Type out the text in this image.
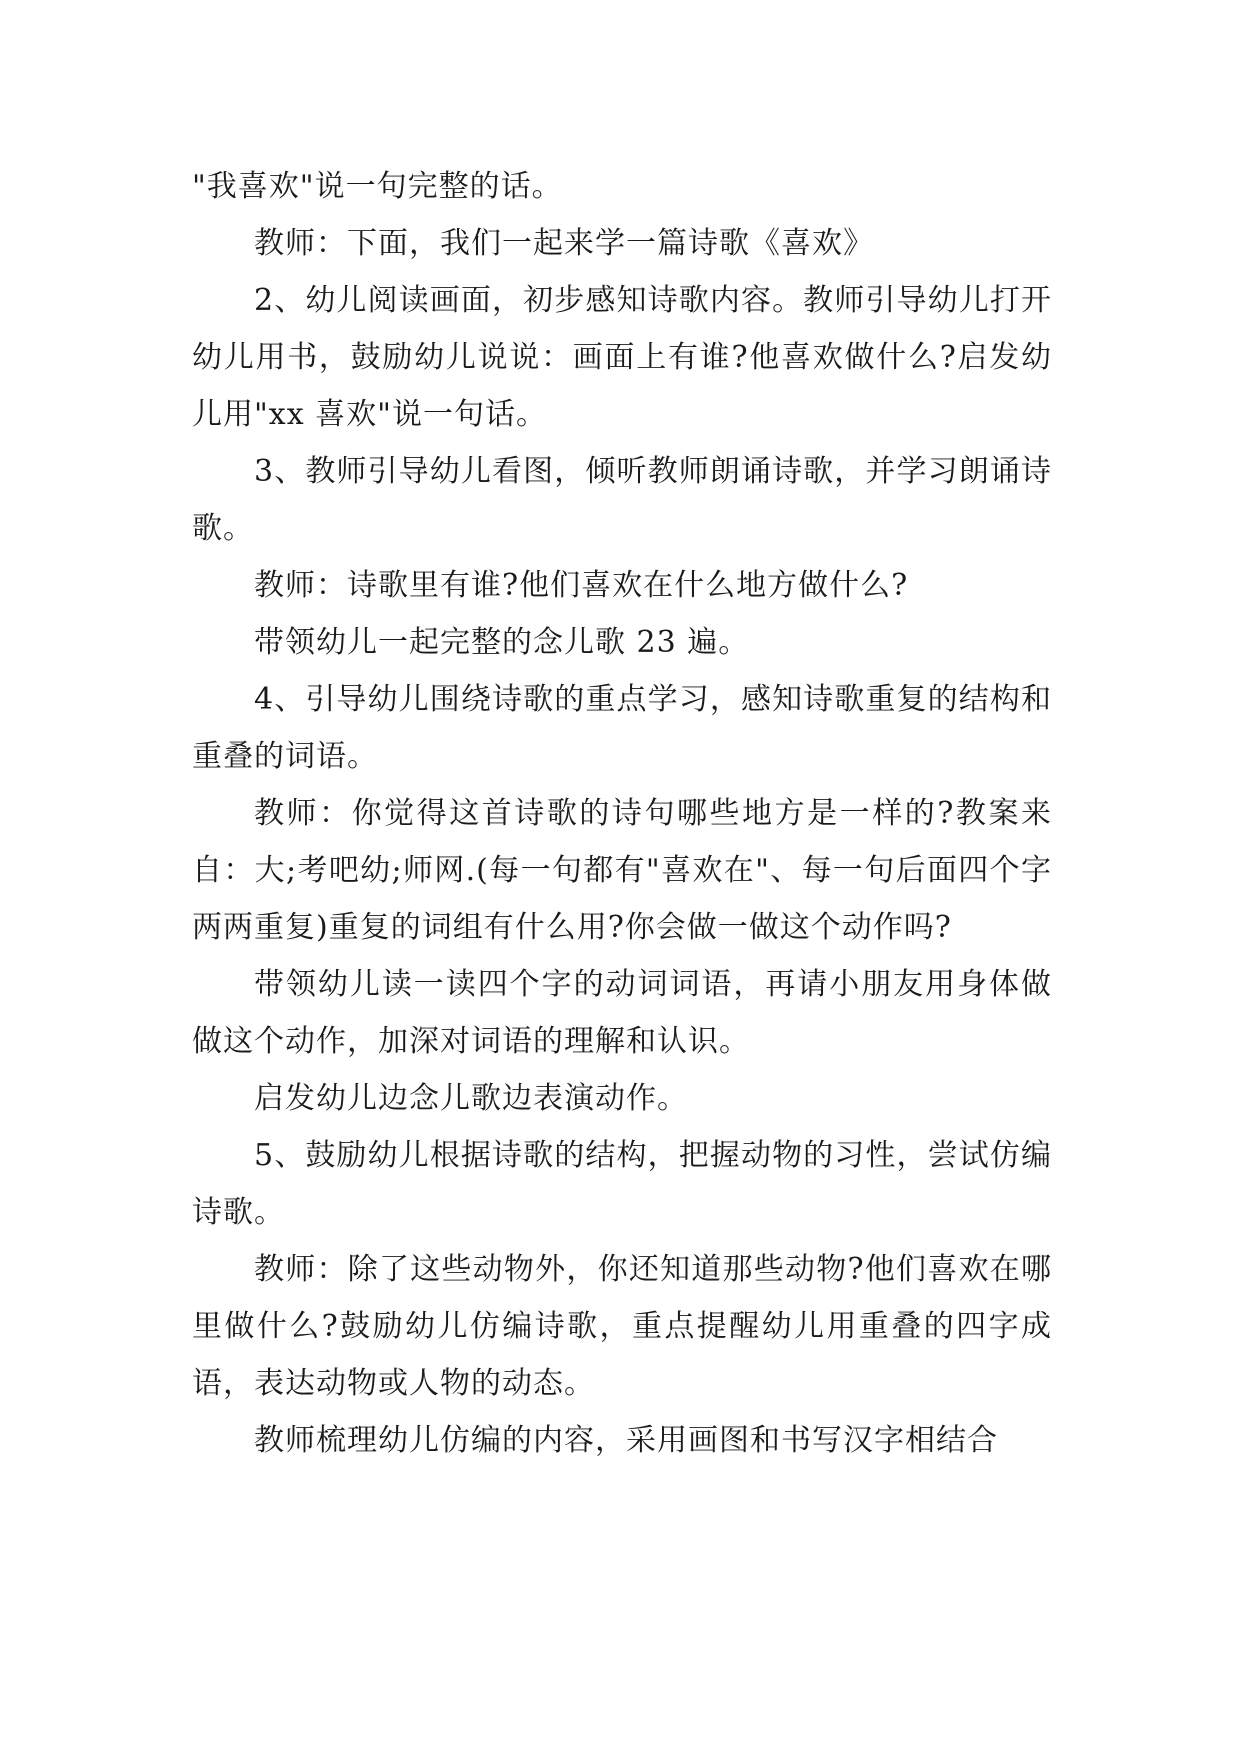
"我喜欢"说一句完整的话。

教师：下面，我们一起来学一篇诗歌《喜欢》

2、幼儿阅读画面，初步感知诗歌内容。教师引导幼儿打开幼儿用书，鼓励幼儿说说：画面上有谁?他喜欢做什么?启发幼儿用"xx 喜欢"说一句话。

3、教师引导幼儿看图，倾听教师朗诵诗歌，并学习朗诵诗歌。

教师：诗歌里有谁?他们喜欢在什么地方做什么?

带领幼儿一起完整的念儿歌 23 遍。

4、引导幼儿围绕诗歌的重点学习，感知诗歌重复的结构和重叠的词语。

教师：你觉得这首诗歌的诗句哪些地方是一样的?教案来自：大;考吧幼;师网.(每一句都有"喜欢在"、每一句后面四个字两两重复)重复的词组有什么用?你会做一做这个动作吗?

带领幼儿读一读四个字的动词词语，再请小朋友用身体做做这个动作，加深对词语的理解和认识。

启发幼儿边念儿歌边表演动作。

5、鼓励幼儿根据诗歌的结构，把握动物的习性，尝试仿编诗歌。

教师：除了这些动物外，你还知道那些动物?他们喜欢在哪里做什么?鼓励幼儿仿编诗歌，重点提醒幼儿用重叠的四字成语，表达动物或人物的动态。

教师梳理幼儿仿编的内容，采用画图和书写汉字相结合
